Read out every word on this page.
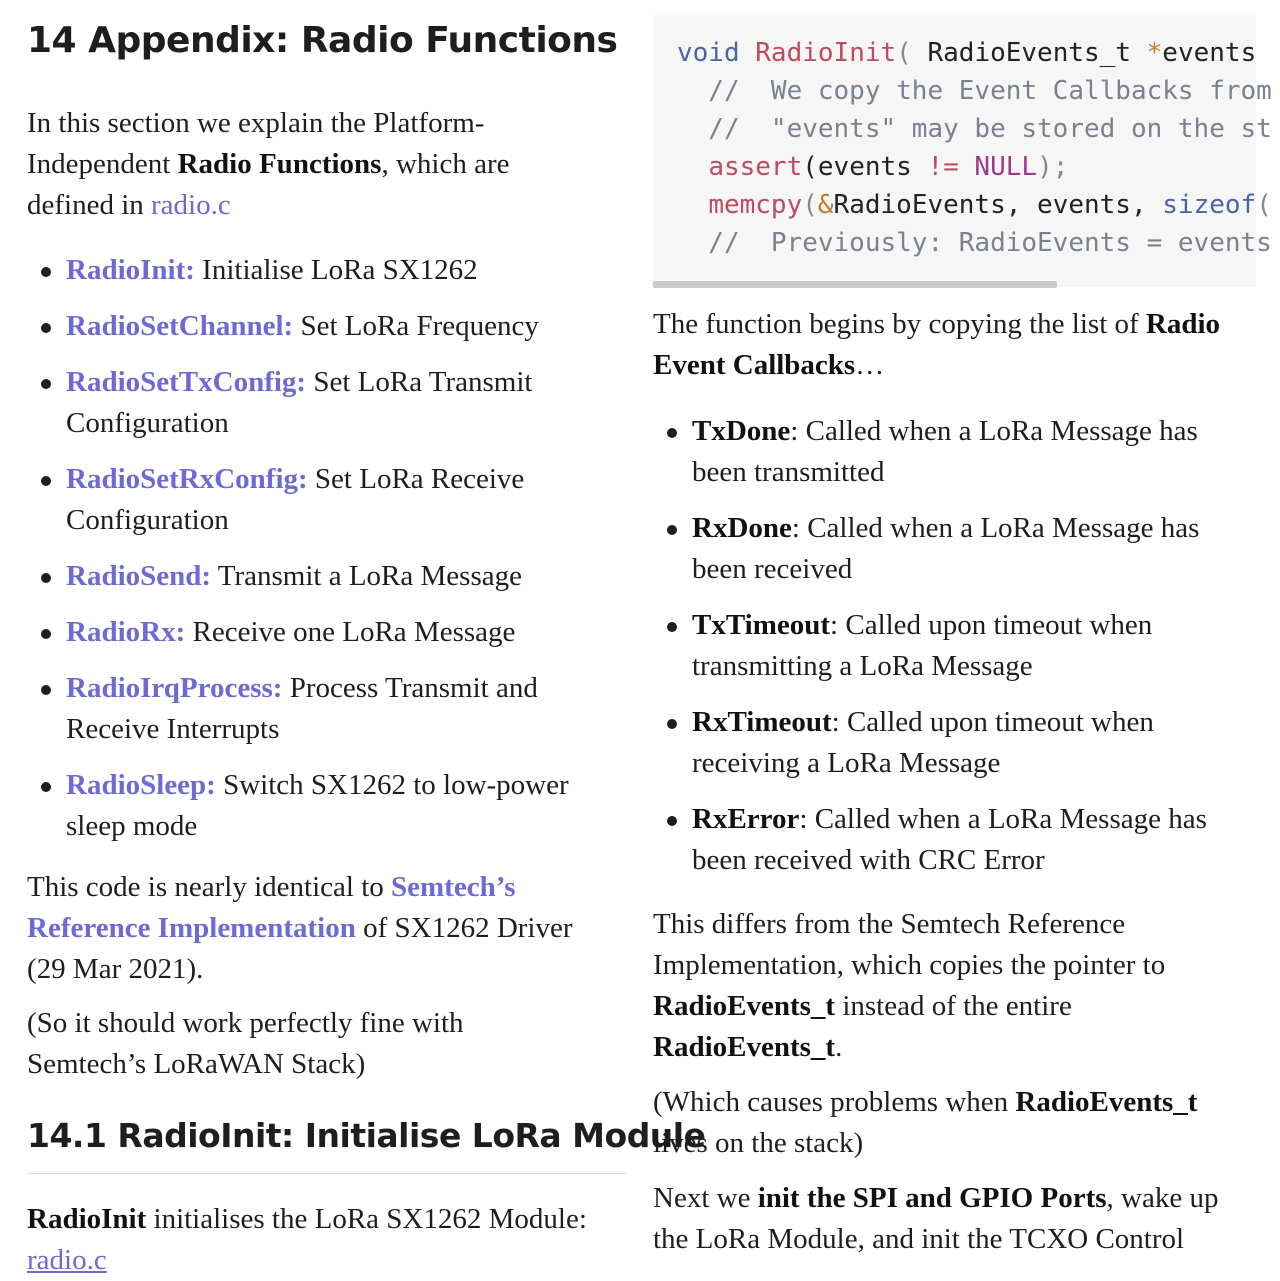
14 Appendix: Radio Functions

In this section we explain the Platform-Independent Radio Functions, which are defined in radio.c

RadioInit: Initialise LoRa SX1262
RadioSetChannel: Set LoRa Frequency
RadioSetTxConfig: Set LoRa Transmit Configuration
RadioSetRxConfig: Set LoRa Receive Configuration
RadioSend: Transmit a LoRa Message
RadioRx: Receive one LoRa Message
RadioIrqProcess: Process Transmit and Receive Interrupts
RadioSleep: Switch SX1262 to low-power sleep mode

This code is nearly identical to Semtech’s Reference Implementation of SX1262 Driver (29 Mar 2021).

(So it should work perfectly fine with Semtech’s LoRaWAN Stack)

14.1 RadioInit: Initialise LoRa Module

RadioInit initialises the LoRa SX1262 Module:

radio.c

void RadioInit( RadioEvents_t *events
//  We copy the Event Callbacks from
//  "events" may be stored on the st
assert(events != NULL);
memcpy(&RadioEvents, events, sizeof(
//  Previously: RadioEvents = events

The function begins by copying the list of Radio Event Callbacks…

TxDone: Called when a LoRa Message has been transmitted
RxDone: Called when a LoRa Message has been received
TxTimeout: Called upon timeout when transmitting a LoRa Message
RxTimeout: Called upon timeout when receiving a LoRa Message
RxError: Called when a LoRa Message has been received with CRC Error

This differs from the Semtech Reference Implementation, which copies the pointer to RadioEvents_t instead of the entire RadioEvents_t.

(Which causes problems when RadioEvents_t lives on the stack)

Next we init the SPI and GPIO Ports, wake up the LoRa Module, and init the TCXO Control
